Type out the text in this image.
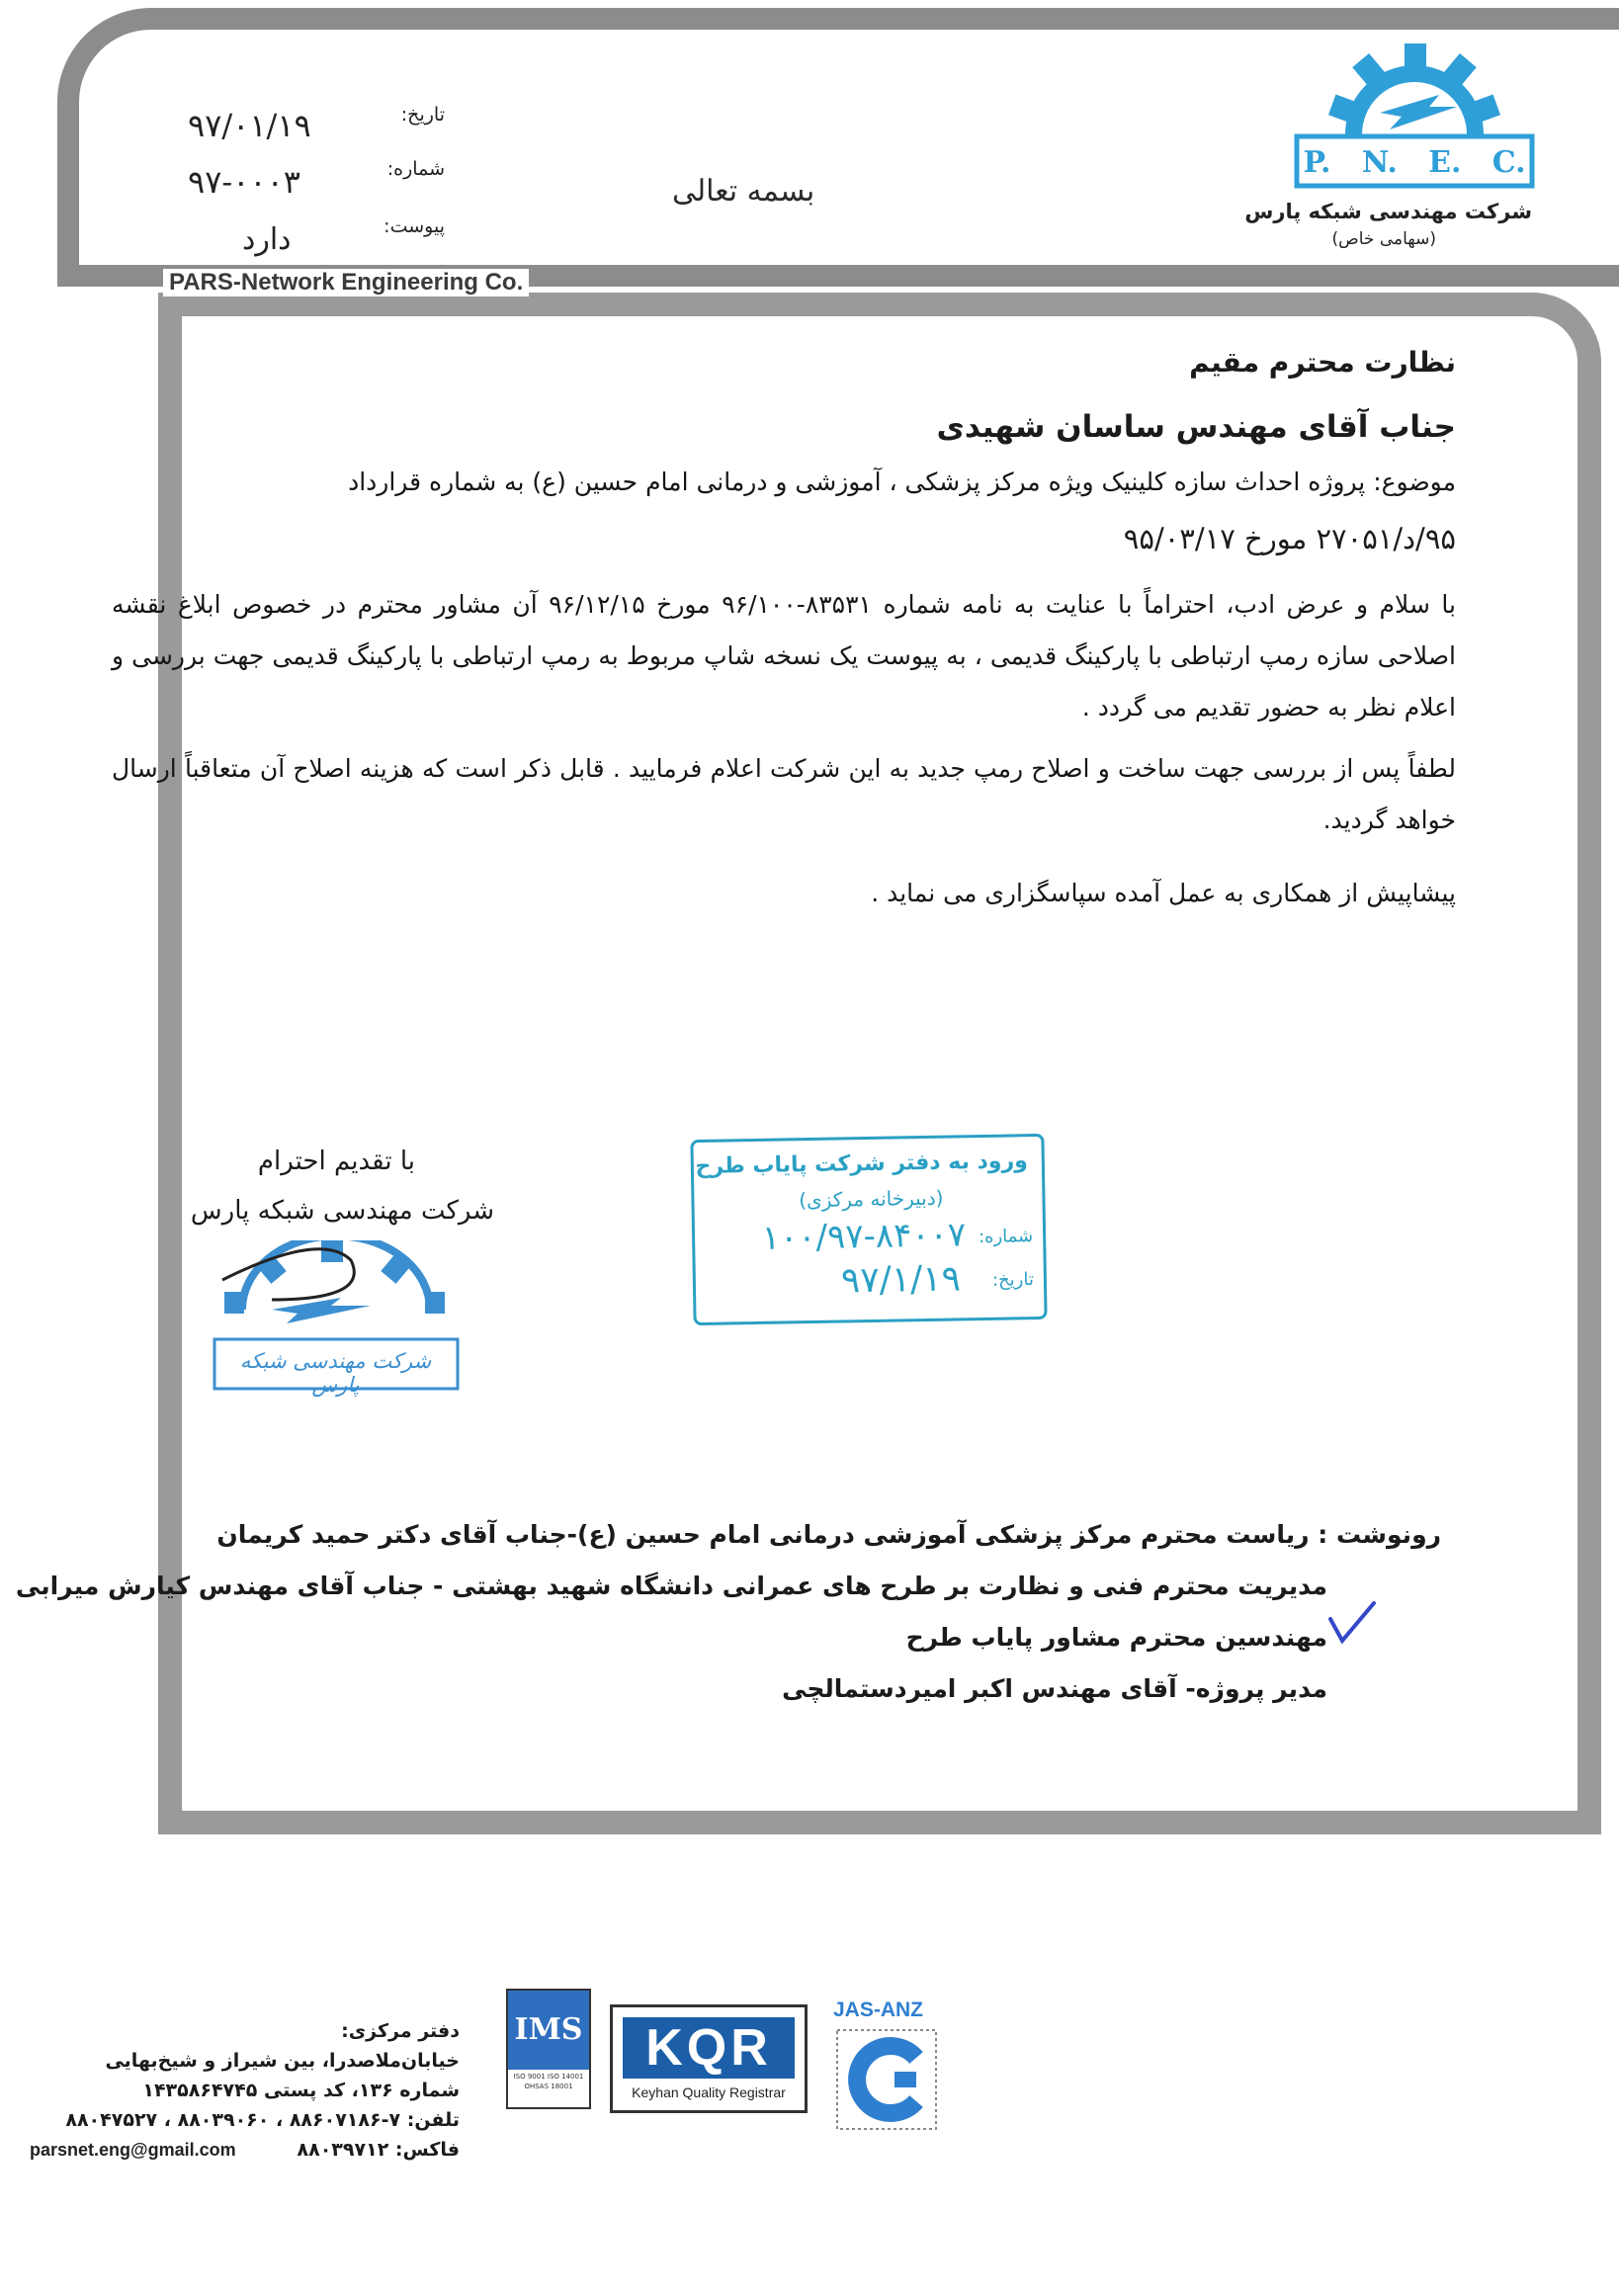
تاریخ:
۹۷/۰۱/۱۹
شماره:
۹۷-۰۰۰۳
پیوست:
دارد
بسمه تعالی
PARS-Network Engineering Co.
P.   N.   E.   C.
شرکت مهندسی شبکه پارس
(سهامی خاص)
نظارت محترم مقیم
جناب آقای مهندس ساسان شهیدی
موضوع: پروژه احداث سازه کلینیک ویژه مرکز پزشکی ، آموزشی و درمانی امام حسین (ع) به شماره قرارداد
۹۵/د/۲۷۰۵۱ مورخ ۹۵/۰۳/۱۷
با سلام و عرض ادب، احتراماً با عنایت به نامه شماره ۸۳۵۳۱-۹۶/۱۰۰ مورخ ۹۶/۱۲/۱۵ آن مشاور محترم در خصوص ابلاغ نقشه اصلاحی سازه رمپ ارتباطی با پارکینگ قدیمی ، به پیوست یک نسخه شاپ مربوط به رمپ ارتباطی با پارکینگ قدیمی جهت بررسی و اعلام نظر به حضور تقدیم می گردد .
لطفاً پس از بررسی جهت ساخت و اصلاح رمپ جدید به این شرکت اعلام فرمایید . قابل ذکر است که هزینه اصلاح آن متعاقباً ارسال خواهد گردید.
پیشاپیش از همکاری به عمل آمده سپاسگزاری می نماید .
با تقدیم احترام
شرکت مهندسی شبکه پارس
شرکت مهندسی شبکه پارس
ورود به دفتر شرکت پایاب طرح
(دبیرخانه مرکزی)
شماره:
۱۰۰/۹۷-۸۴۰۰۷
تاریخ:
۹۷/۱/۱۹
رونوشت : ریاست محترم مرکز پزشکی آموزشی درمانی امام حسین (ع)-جناب آقای دکتر حمید کریمان
مدیریت محترم فنی و نظارت بر طرح های عمرانی دانشگاه شهید بهشتی - جناب آقای مهندس کیارش میرابی
مهندسین محترم مشاور پایاب طرح
مدیر پروژه- آقای مهندس اکبر امیردستمالچی
دفتر مرکزی:
خیابان‌ملاصدرا، بین شیراز و شیخ‌بهایی
شماره ۱۳۶، کد پستی ۱۴۳۵۸۶۴۷۴۵
تلفن: ۷-۸۸۶۰۷۱۸۶ ، ۸۸۰۳۹۰۶۰ ، ۸۸۰۴۷۵۲۷
parsnet.eng@gmail.com	فاکس: ۸۸۰۳۹۷۱۲
IMS
ISO 9001 ISO 14001 OHSAS 18001
KQR
Keyhan Quality Registrar
JAS-ANZ
